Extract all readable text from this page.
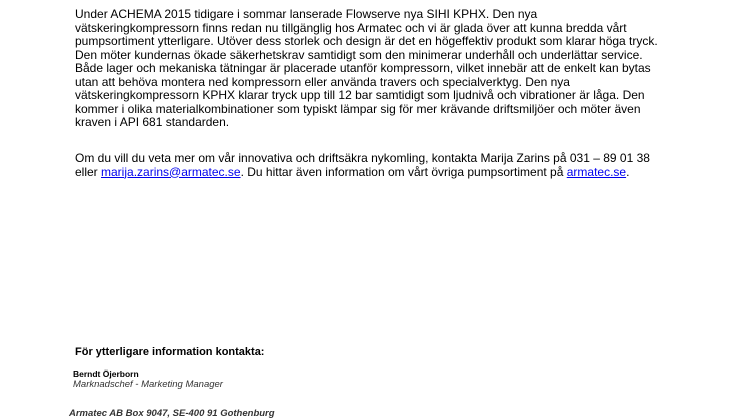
Under ACHEMA 2015 tidigare i sommar lanserade Flowserve nya SIHI KPHX. Den nya
vätskeringkompressorn finns redan nu tillgänglig hos Armatec och vi är glada över att kunna bredda vårt
pumpsortiment ytterligare. Utöver dess storlek och design är det en högeffektiv produkt som klarar höga tryck.
Den möter kundernas ökade säkerhetskrav samtidigt som den minimerar underhåll och underlättar service.
Både lager och mekaniska tätningar är placerade utanför kompressorn, vilket innebär att de enkelt kan bytas
utan att behöva montera ned kompressorn eller använda travers och specialverktyg. Den nya
vätskeringkompressorn KPHX klarar tryck upp till 12 bar samtidigt som ljudnivå och vibrationer är låga. Den
kommer i olika materialkombinationer som typiskt lämpar sig för mer krävande driftsmiljöer och möter även
kraven i API 681 standarden.

Om du vill du veta mer om vår innovativa och driftsäkra nykomling, kontakta Marija Zarins på 031 – 89 01 38
eller marija.zarins@armatec.se. Du hittar även information om vårt övriga pumpsortiment på armatec.se.

För ytterligare information kontakta:
Berndt Öjerborn
Marknadschef - Marketing Manager
Armatec AB Box 9047, SE-400 91 Gothenburg
